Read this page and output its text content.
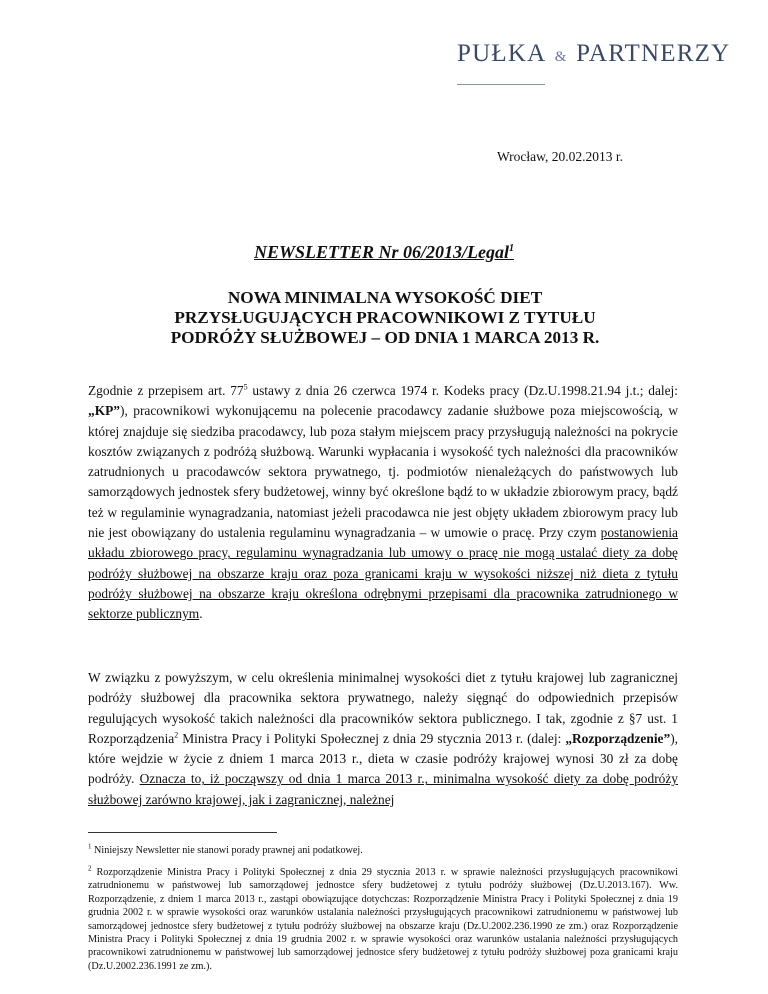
PUŁKA & PARTNERZY
Wrocław, 20.02.2013 r.
NEWSLETTER Nr 06/2013/Legal$^1$
NOWA MINIMALNA WYSOKOŚĆ DIET
PRZYSŁUGUJĄCYCH PRACOWNIKOWI Z TYTUŁU
PODRÓŻY SŁUŻBOWEJ – OD DNIA 1 MARCA 2013 R.
Zgodnie z przepisem art. $77^5$ ustawy z dnia 26 czerwca 1974 r. Kodeks pracy (Dz.U.1998.21.94 j.t.; dalej: „KP”), pracownikowi wykonującemu na polecenie pracodawcy zadanie służbowe poza miejscowością, w której znajduje się siedziba pracodawcy, lub poza stałym miejscem pracy przysługują należności na pokrycie kosztów związanych z podróżą służbową. Warunki wypłacania i wysokość tych należności dla pracowników zatrudnionych u pracodawców sektora prywatnego, tj. podmiotów nienależących do państwowych lub samorządowych jednostek sfery budżetowej, winny być określone bądź to w układzie zbiorowym pracy, bądź też w regulaminie wynagradzania, natomiast jeżeli pracodawca nie jest objęty układem zbiorowym pracy lub nie jest obowiązany do ustalenia regulaminu wynagradzania – w umowie o pracę. Przy czym postanowienia układu zbiorowego pracy, regulaminu wynagradzania lub umowy o pracę nie mogą ustalać diety za dobę podróży służbowej na obszarze kraju oraz poza granicami kraju w wysokości niższej niż dieta z tytułu podróży służbowej na obszarze kraju określona odrębnymi przepisami dla pracownika zatrudnionego w sektorze publicznym.
W związku z powyższym, w celu określenia minimalnej wysokości diet z tytułu krajowej lub zagranicznej podróży służbowej dla pracownika sektora prywatnego, należy sięgnąć do odpowiednich przepisów regulujących wysokość takich należności dla pracowników sektora publicznego. I tak, zgodnie z §7 ust. 1 Rozporządzenia$^2$ Ministra Pracy i Polityki Społecznej z dnia 29 stycznia 2013 r. (dalej: „Rozporządzenie”), które wejdzie w życie z dniem 1 marca 2013 r., dieta w czasie podróży krajowej wynosi 30 zł za dobę podróży. Oznacza to, iż począwszy od dnia 1 marca 2013 r., minimalna wysokość diety za dobę podróży służbowej zarówno krajowej, jak i zagranicznej, należnej
$^1$ Niniejszy Newsletter nie stanowi porady prawnej ani podatkowej.
$^2$ Rozporządzenie Ministra Pracy i Polityki Społecznej z dnia 29 stycznia 2013 r. w sprawie należności przysługujących pracownikowi zatrudnionemu w państwowej lub samorządowej jednostce sfery budżetowej z tytułu podróży służbowej (Dz.U.2013.167). Ww. Rozporządzenie, z dniem 1 marca 2013 r., zastąpi obowiązujące dotychczas: Rozporządzenie Ministra Pracy i Polityki Społecznej z dnia 19 grudnia 2002 r. w sprawie wysokości oraz warunków ustalania należności przysługujących pracownikowi zatrudnionemu w państwowej lub samorządowej jednostce sfery budżetowej z tytułu podróży służbowej na obszarze kraju (Dz.U.2002.236.1990 ze zm.) oraz Rozporządzenie Ministra Pracy i Polityki Społecznej z dnia 19 grudnia 2002 r. w sprawie wysokości oraz warunków ustalania należności przysługujących pracownikowi zatrudnionemu w państwowej lub samorządowej jednostce sfery budżetowej z tytułu podróży służbowej poza granicami kraju (Dz.U.2002.236.1991 ze zm.).
